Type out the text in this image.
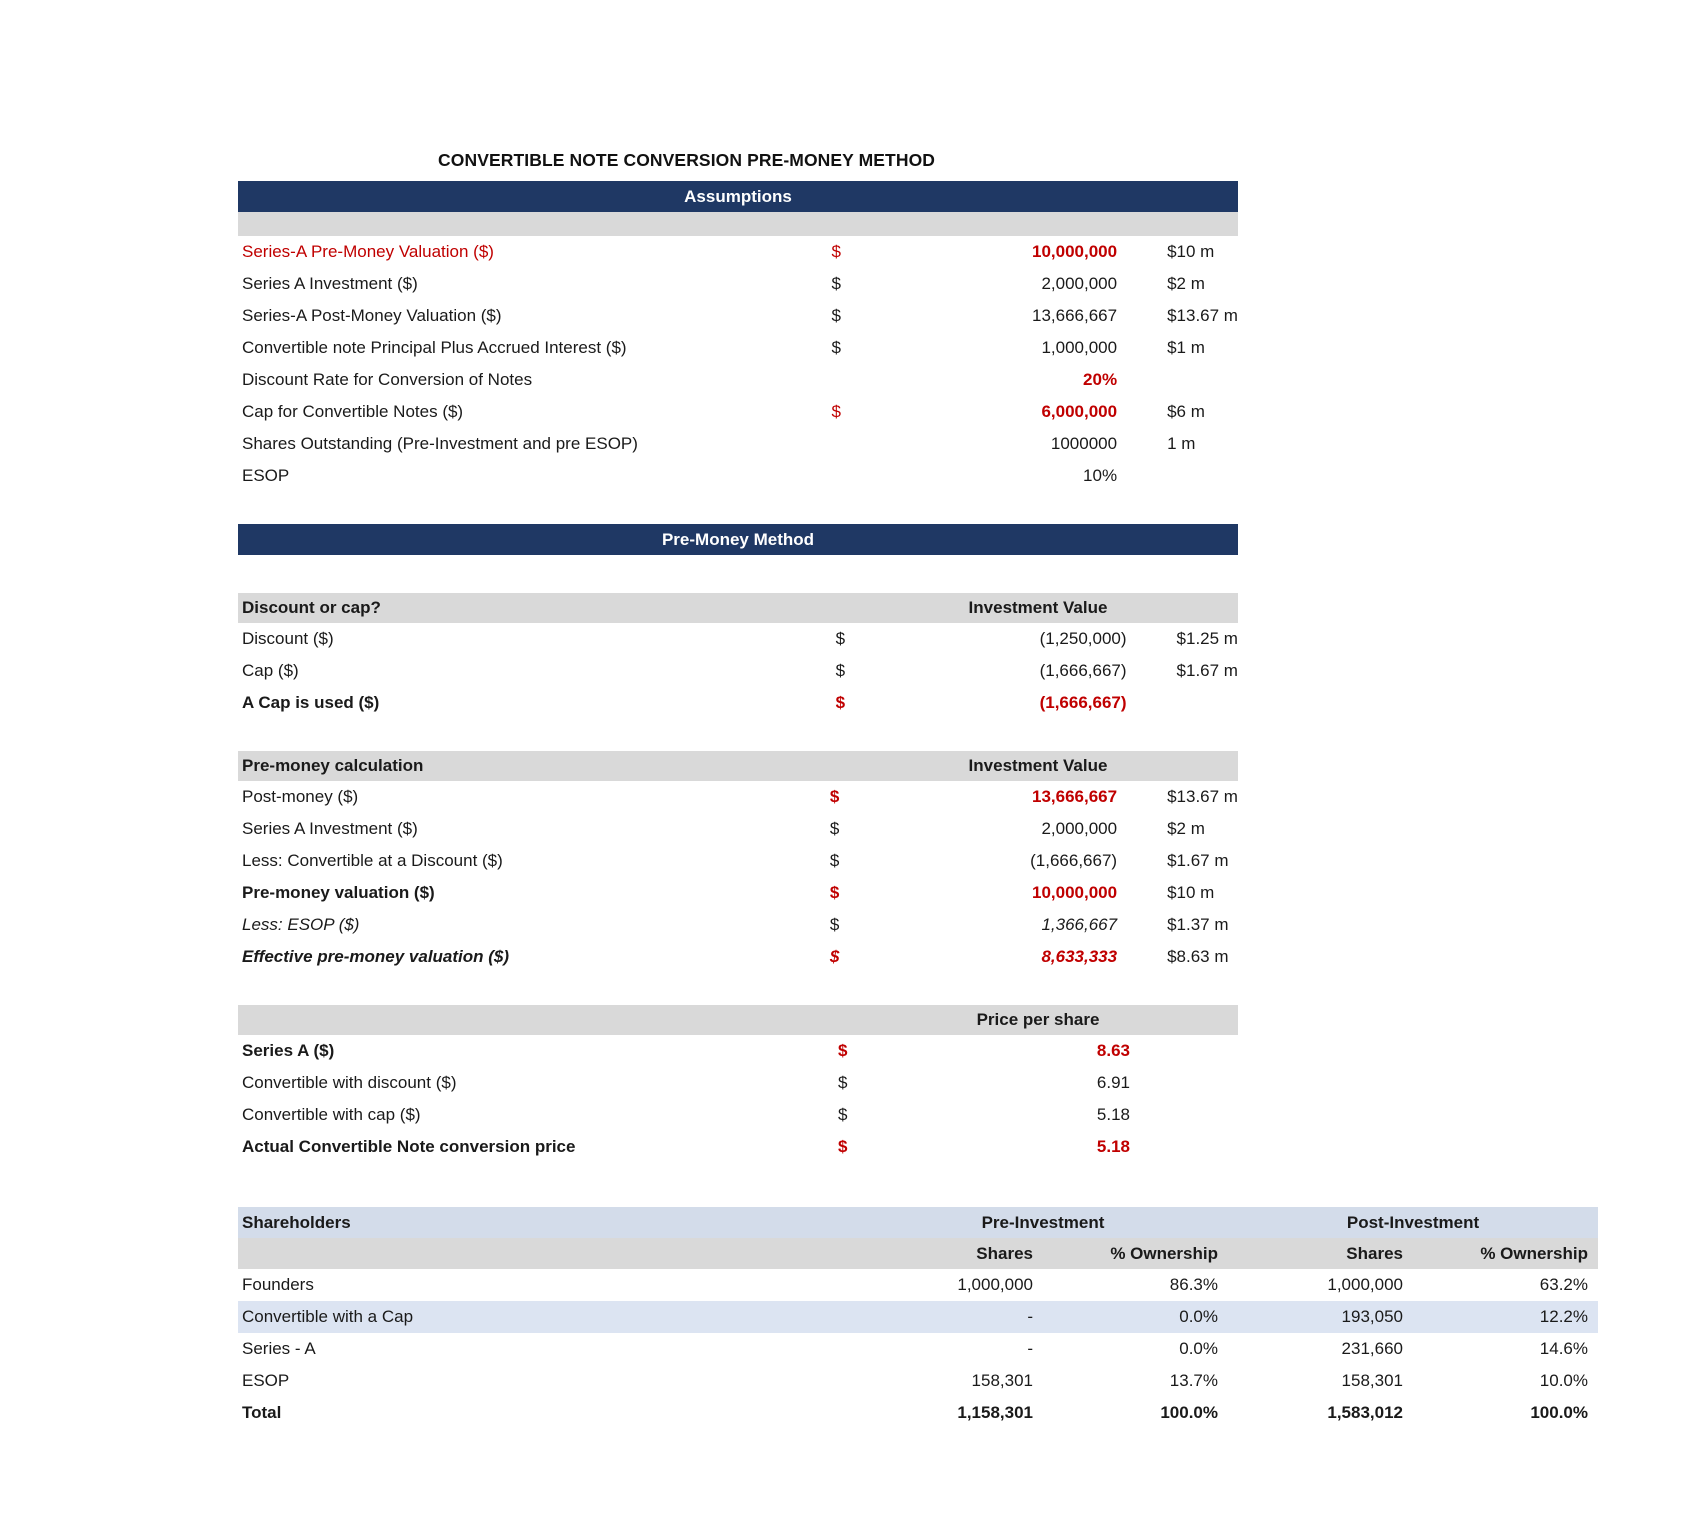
CONVERTIBLE NOTE CONVERSION PRE-MONEY METHOD
Assumptions
Series-A Pre-Money Valuation ($)	$	10,000,000	$10 m
Series A Investment ($)	$	2,000,000	$2 m
Series-A Post-Money Valuation ($)	$	13,666,667	$13.67 m
Convertible note Principal Plus Accrued Interest ($)	$	1,000,000	$1 m
Discount Rate for Conversion of Notes		20%	
Cap for Convertible Notes ($)	$	6,000,000	$6 m
Shares Outstanding (Pre-Investment and pre ESOP)		1000000	1 m
ESOP		10%	
Pre-Money Method
Discount or cap?	Investment Value
Discount ($)	$	(1,250,000)	$1.25 m
Cap ($)	$	(1,666,667)	$1.67 m
A Cap is used ($)	$	(1,666,667)	
Pre-money calculation	Investment Value
Post-money ($)	$	13,666,667	$13.67 m
Series A Investment ($)	$	2,000,000	$2 m
Less: Convertible at a Discount ($)	$	(1,666,667)	$1.67 m
Pre-money valuation ($)	$	10,000,000	$10 m
Less: ESOP ($)	$	1,366,667	$1.37 m
Effective pre-money valuation ($)	$	8,633,333	$8.63 m
	Price per share
Series A ($)	$	8.63	
Convertible with discount ($)	$	6.91	
Convertible with cap ($)	$	5.18	
Actual Convertible Note conversion price	$	5.18	
Shareholders	Pre-Investment		Post-Investment	
	Shares	% Ownership	Shares	% Ownership
Founders	1,000,000	86.3%	1,000,000	63.2%
Convertible with a Cap	-	0.0%	193,050	12.2%
Series - A	-	0.0%	231,660	14.6%
ESOP	158,301	13.7%	158,301	10.0%
Total	1,158,301	100.0%	1,583,012	100.0%
